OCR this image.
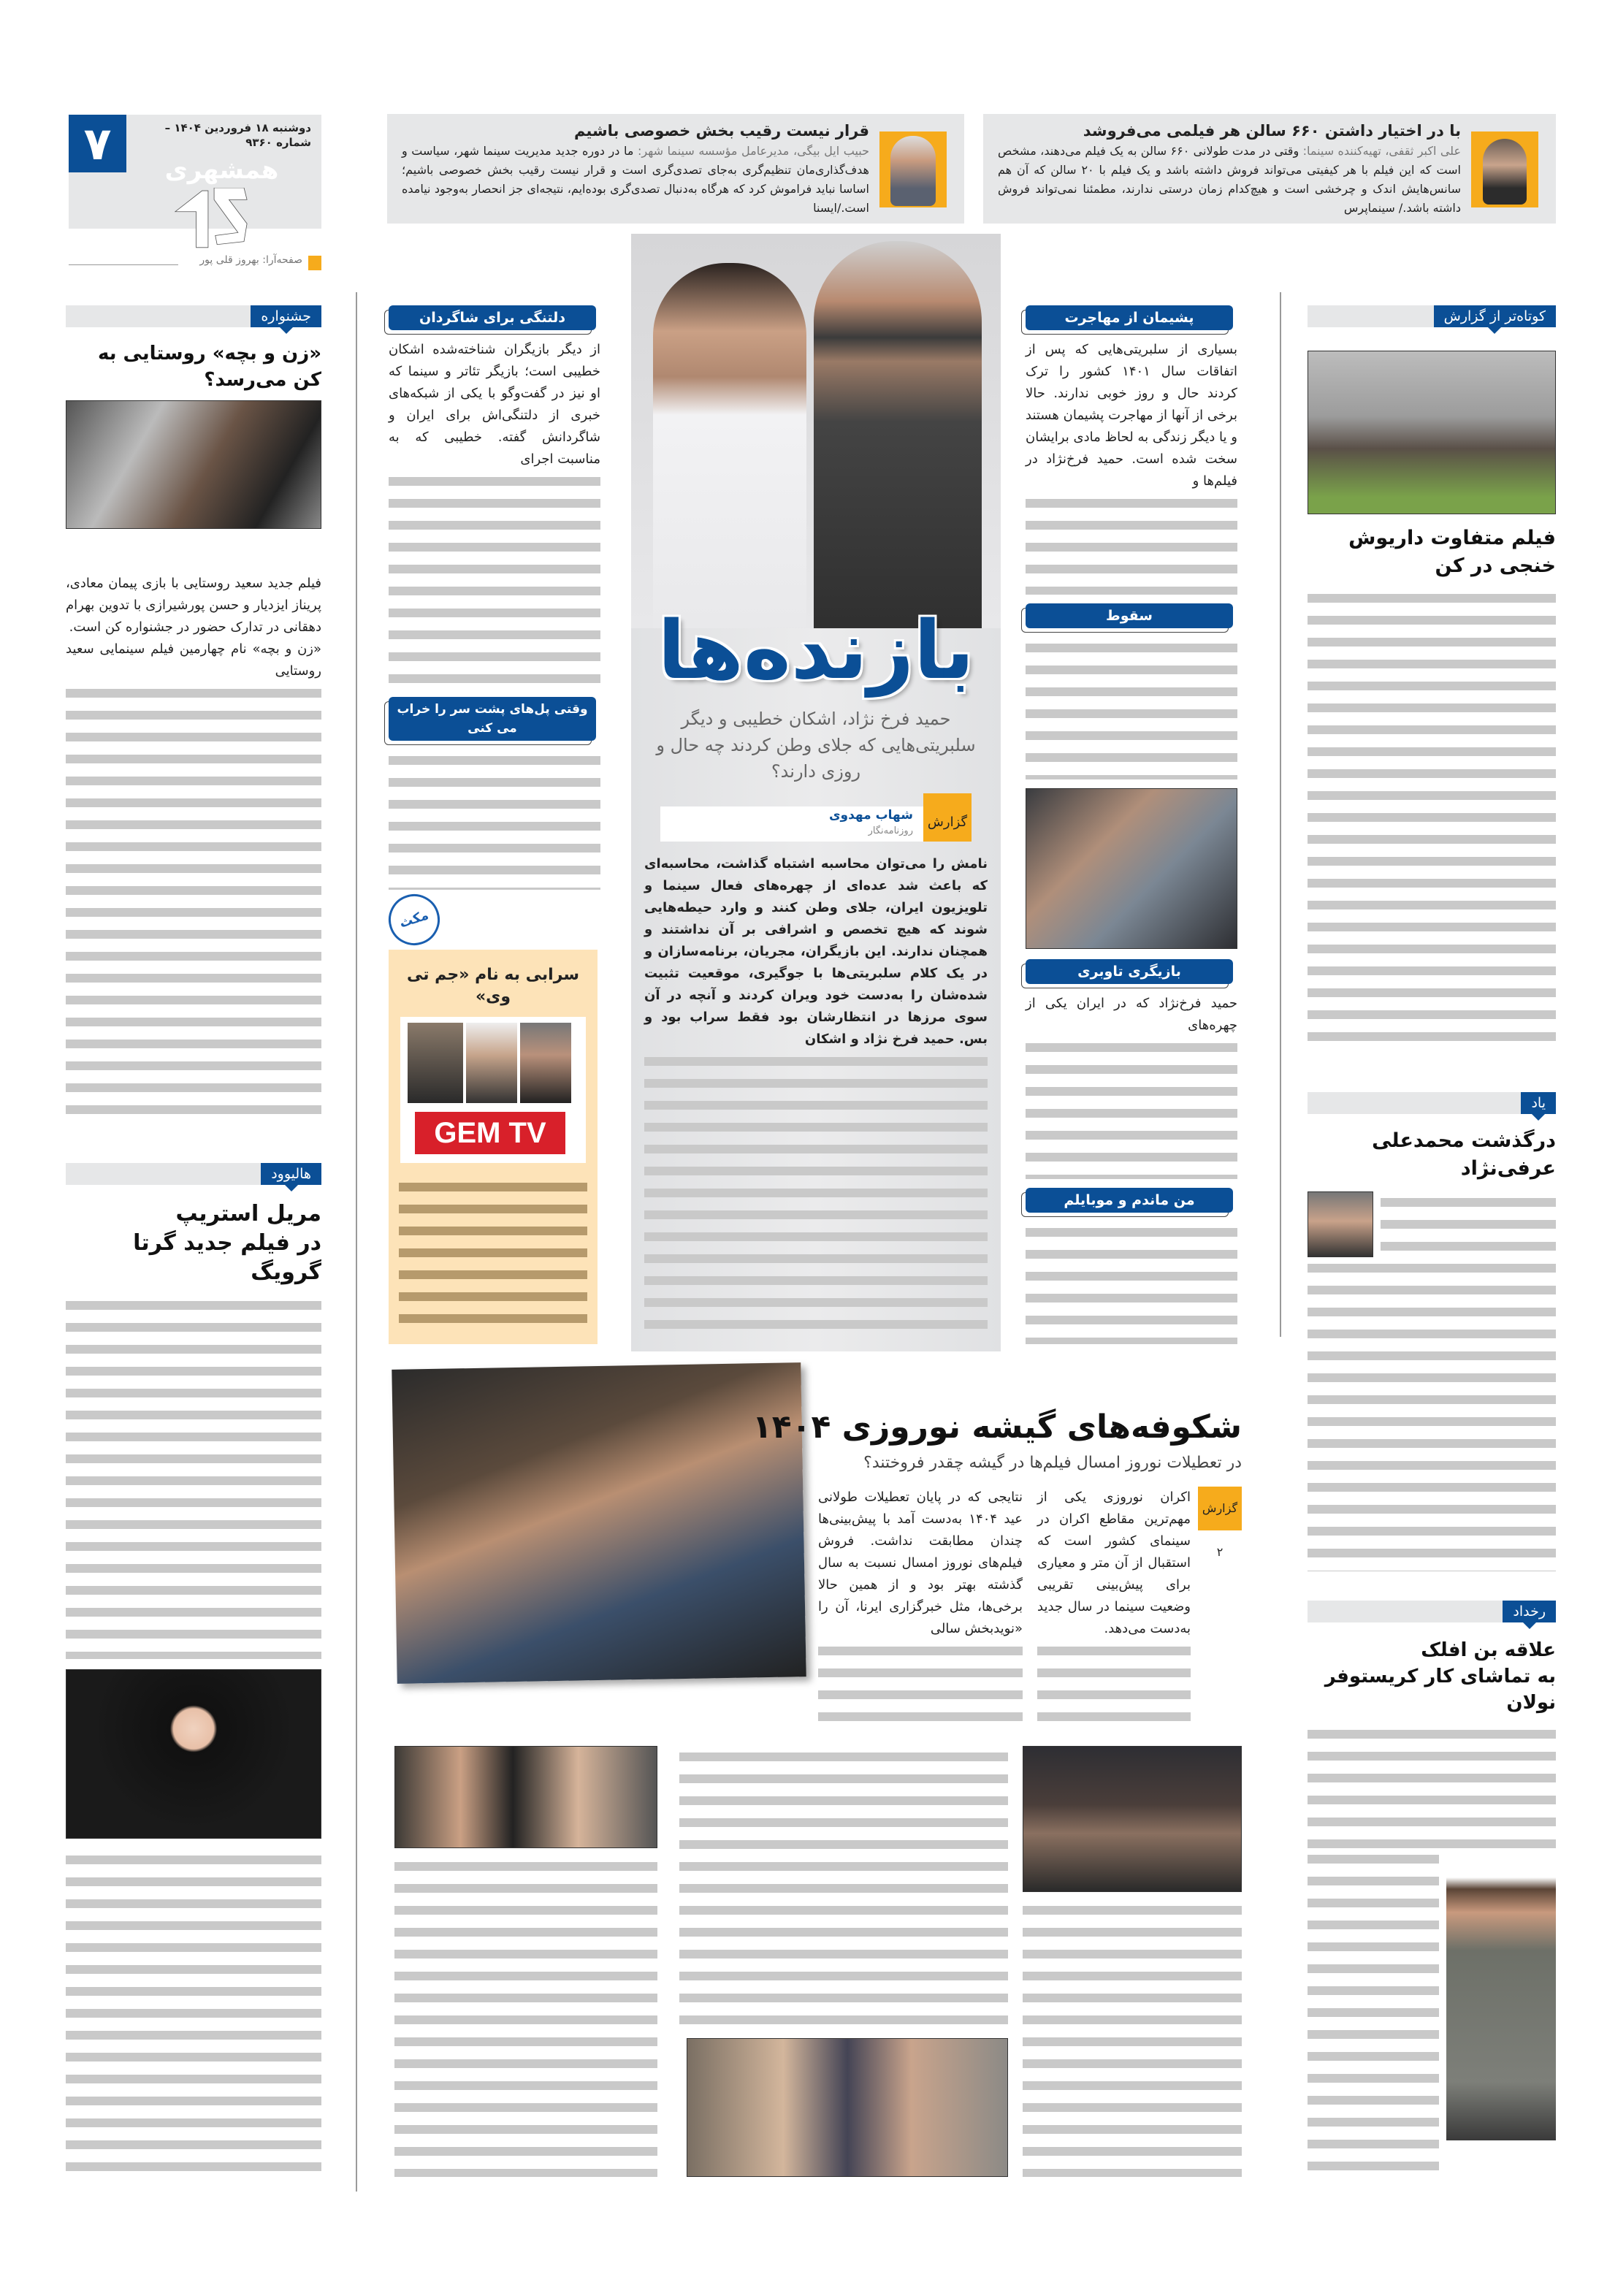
۷	دوشنبه ۱۸ فروردین ۱۴۰۴ – شماره ۹۳۶۰
همشهری
صفحه‌آرا: بهروز قلی پور
با در اختیار داشتن ۶۶۰ سالن هر فیلمی می‌فروشد
علی اکبر ثقفی، تهیه‌کننده سینما: وقتی در مدت طولانی ۶۶۰ سالن به یک فیلم می‌دهند، مشخص است که این فیلم با هر کیفیتی می‌تواند فروش داشته باشد و یک فیلم با ۲۰ سالن که آن هم سانس‌هایش اندک و چرخشی است و هیچ‌کدام زمان درستی ندارند، مطمئنا نمی‌تواند فروش داشته باشد./ سینماپرس
قرار نیست رقیب بخش خصوصی باشیم
حبیب ایل بیگی، مدیرعامل مؤسسه سینما شهر: ما در دوره جدید مدیریت سینما شهر، سیاست و هدف‌گذاری‌مان تنظیم‌گری به‌جای تصدی‌گری است و قرار نیست رقیب بخش خصوصی باشیم؛ اساسا نباید فراموش کرد که هرگاه به‌دنبال تصدی‌گری بوده‌ایم، نتیجه‌ای جز انحصار به‌وجود نیامده است./ایسنا
بازنده‌ها
حمید فرخ نژاد، اشکان خطیبی و دیگر سلبریتی‌هایی که جلای وطن کردند چه حال و روزی دارند؟
گزارش
شهاب مهدوی
روزنامه‌نگار
نامش را می‌توان محاسبه اشتباه گذاشت، محاسبه‌ای که باعث شد عده‌ای از چهره‌های فعال سینما و تلویزیون ایران، جلای وطن کنند و وارد حیطه‌هایی شوند که هیچ تخصص و اشرافی بر آن نداشتند و همچنان ندارند. این بازیگران، مجریان، برنامه‌سازان و در یک کلام سلبریتی‌ها با جوگیری، موقعیت تثبیت شده‌شان را به‌دست خود ویران کردند و آنچه در آن سوی مرزها در انتظارشان بود فقط سراب بود و بس. حمید فرخ نژاد و اشکان
پشیمان از مهاجرت
بسیاری از سلبریتی‌هایی که پس از اتفاقات سال ۱۴۰۱ کشور را ترک کردند حال و روز خوبی ندارند. حالا برخی از آنها از مهاجرت پشیمان هستند و یا دیگر زندگی به لحاظ مادی برایشان سخت شده است. حمید فرخ‌نژاد در فیلم‌ها و
سقوط
بازیگری تاوبری
حمید فرخ‌نژاد که در ایران یکی از چهره‌های
من ماندم و موبایلم
دلتنگی برای شاگردان
از دیگر بازیگران شناخته‌شده اشکان خطیبی است؛ بازیگر تئاتر و سینما که او نیز در گفت‌وگو با یکی از شبکه‌های خبری از دلتنگی‌اش برای ایران و شاگردانش گفته. خطیبی که به مناسبت اجرای
وقتی پل‌های پشت سر را خراب می کنی
مکث
سرابی به نام «جم تی وی»
GEM TV
جشنواره
«زن و بچه» روستایی به کن می‌رسد؟
فیلم جدید سعید روستایی با بازی پیمان معادی، پریناز ایزدیار و حسن پورشیرازی با تدوین بهرام دهقانی در تدارک حضور در جشنواره کن است.
«زن و بچه» نام چهارمین فیلم سینمایی سعید روستایی
هالیوود
مریل استریپ
در فیلم جدید گرتا گرویگ
کوتاه‌تر از گزارش
فیلم متفاوت داریوش خنجی در کن
یاد
درگذشت محمدعلی عرفی‌نژاد
رخداد
علاقه بن افلک
به تماشای کار کریستوفر نولان
شکوفه‌های گیشه نوروزی ۱۴۰۴
در تعطیلات نوروز امسال فیلم‌ها در گیشه چقدر فروختند؟
گزارش ۲
اکران نوروزی یکی از مهم‌ترین مقاطع اکران در سینمای کشور است که استقبال از آن متر و معیاری برای پیش‌بینی تقریبی وضعیت سینما در سال جدید به‌دست می‌دهد.
نتایجی که در پایان تعطیلات طولانی عید ۱۴۰۴ به‌دست آمد با پیش‌بینی‌ها چندان مطابقت نداشت. فروش فیلم‌های نوروز امسال نسبت به سال گذشته بهتر بود و از همین حالا برخی‌ها، مثل خبرگزاری ایرنا، آن را «نویدبخش سالی
